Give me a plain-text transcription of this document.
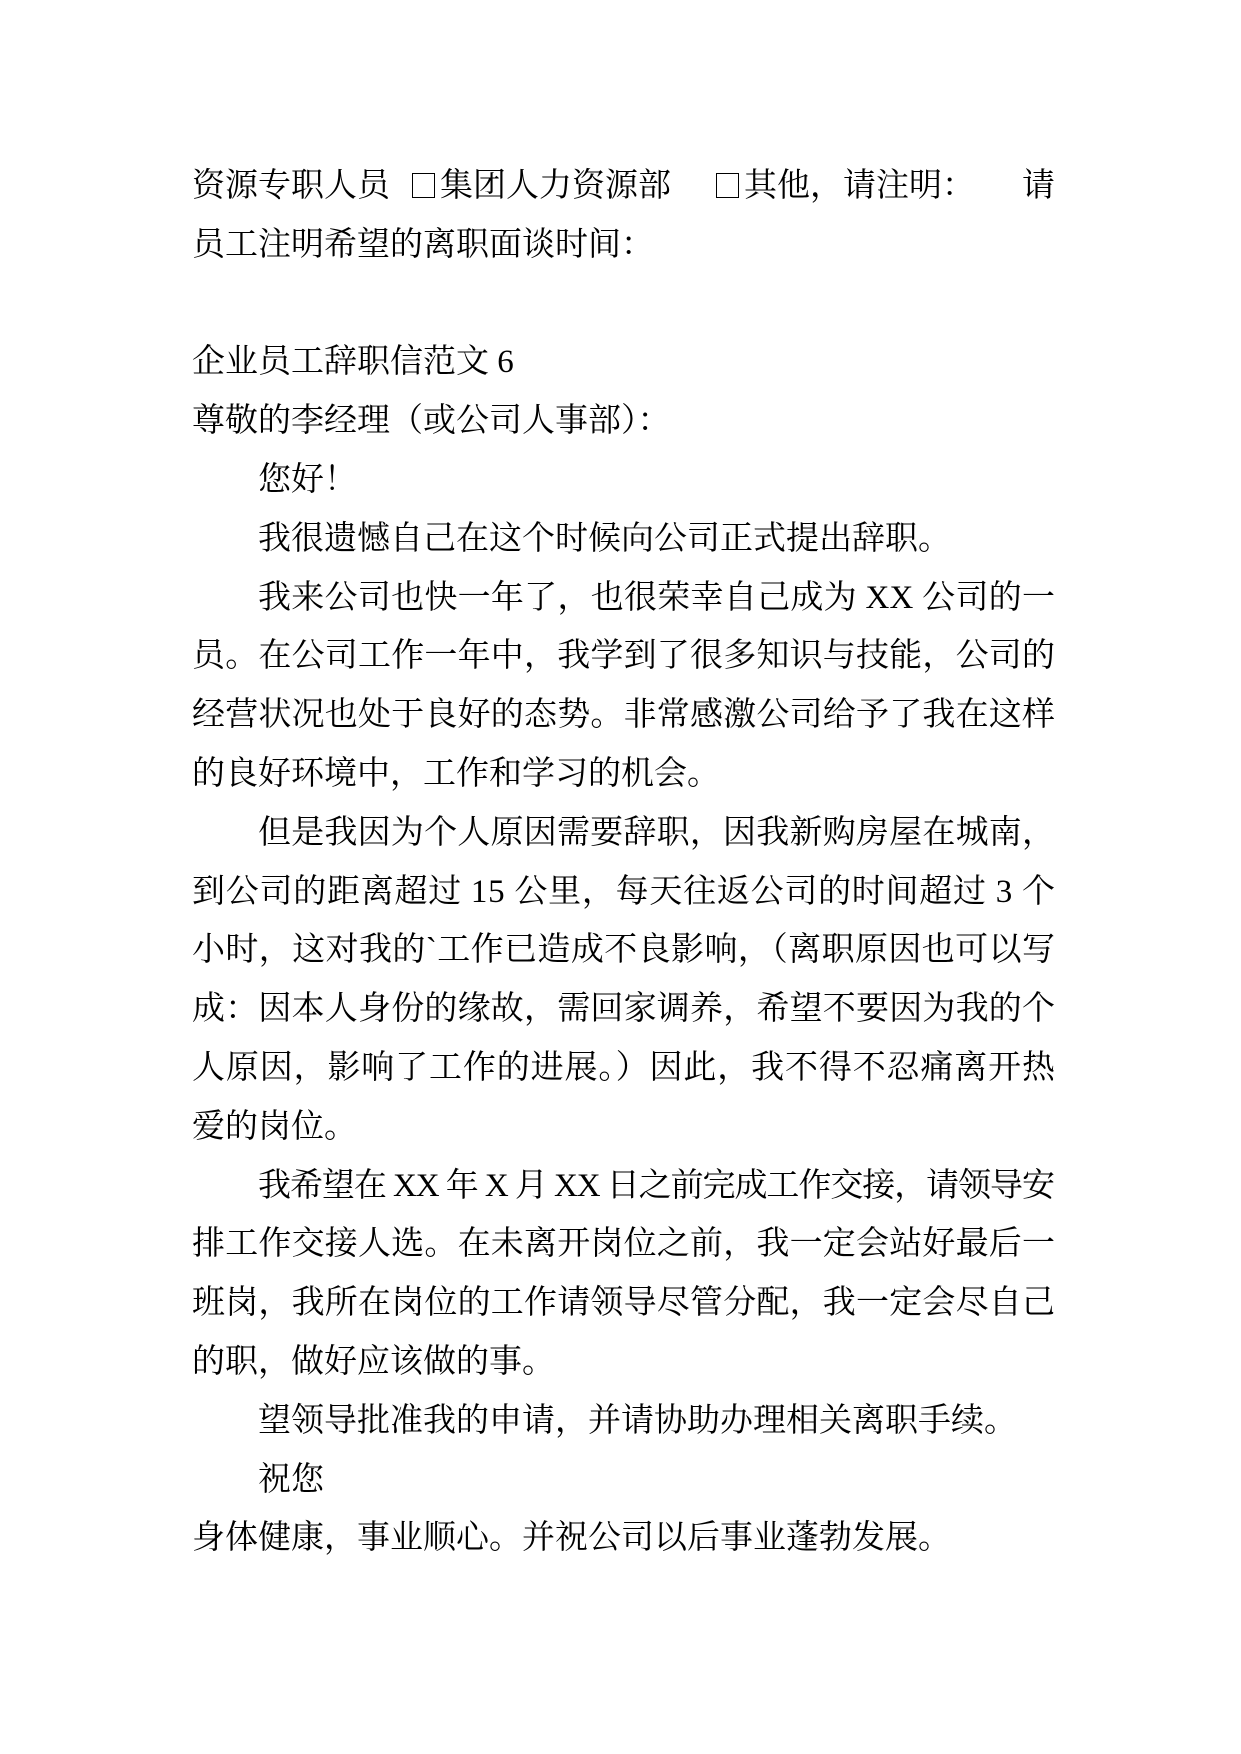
资源专职人员 集团人力资源部 其他，请注明： 请
员工注明希望的离职面谈时间：
企业员工辞职信范文 6
尊敬的李经理（或公司人事部）：
您好！
我很遗憾自己在这个时候向公司正式提出辞职。
我来公司也快一年了，也很荣幸自己成为 XX 公司的一
员。在公司工作一年中，我学到了很多知识与技能，公司的
经营状况也处于良好的态势。非常感激公司给予了我在这样
的良好环境中，工作和学习的机会。
但是我因为个人原因需要辞职，因我新购房屋在城南，
到公司的距离超过 15 公里，每天往返公司的时间超过 3 个
小时，这对我的`工作已造成不良影响，（离职原因也可以写
成：因本人身份的缘故，需回家调养，希望不要因为我的个
人原因，影响了工作的进展。）因此，我不得不忍痛离开热
爱的岗位。
我希望在 XX 年 X 月 XX 日之前完成工作交接，请领导安
排工作交接人选。在未离开岗位之前，我一定会站好最后一
班岗，我所在岗位的工作请领导尽管分配，我一定会尽自己
的职，做好应该做的事。
望领导批准我的申请，并请协助办理相关离职手续。
祝您
身体健康，事业顺心。并祝公司以后事业蓬勃发展。
